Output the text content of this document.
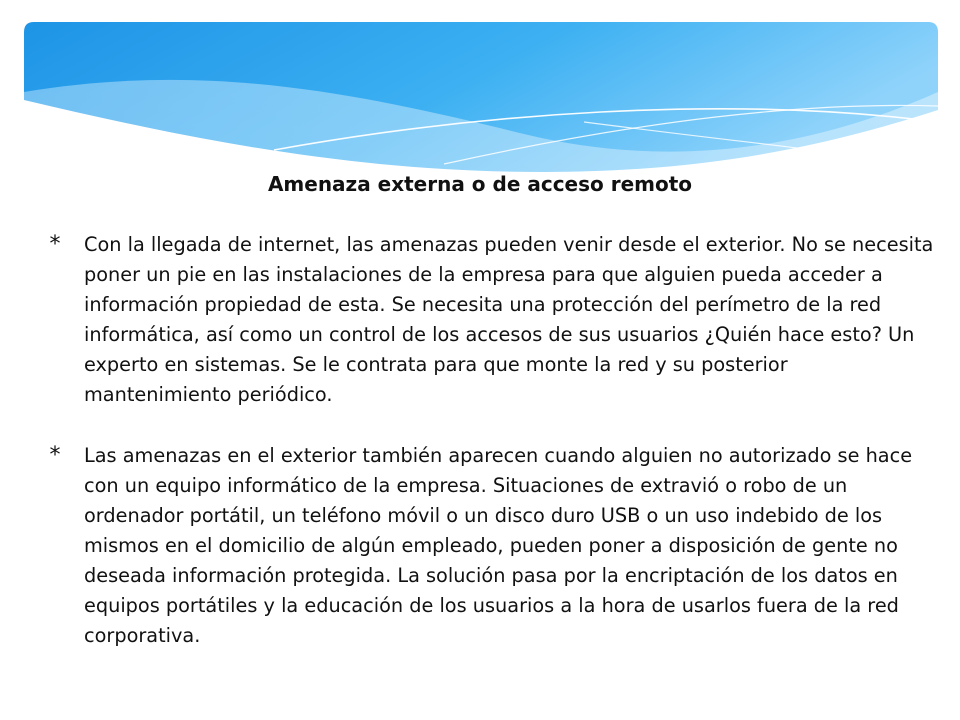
Amenaza externa o de acceso remoto
*	Con la llegada de internet, las amenazas pueden venir desde el exterior. No se necesita poner un pie en las instalaciones de la empresa para que alguien pueda acceder a información propiedad de esta. Se necesita una protección del perímetro de la red informática, así como un control de los accesos de sus usuarios ¿Quién hace esto? Un experto en sistemas. Se le contrata para que monte la red y su posterior mantenimiento periódico.
*	Las amenazas en el exterior también aparecen cuando alguien no autorizado se hace con un equipo informático de la empresa. Situaciones de extravió o robo de un ordenador portátil, un teléfono móvil o un disco duro USB o un uso indebido de los mismos en el domicilio de algún empleado, pueden poner a disposición de gente no deseada información protegida. La solución pasa por la encriptación de los datos en equipos portátiles y la educación de los usuarios a la hora de usarlos fuera de la red corporativa.
